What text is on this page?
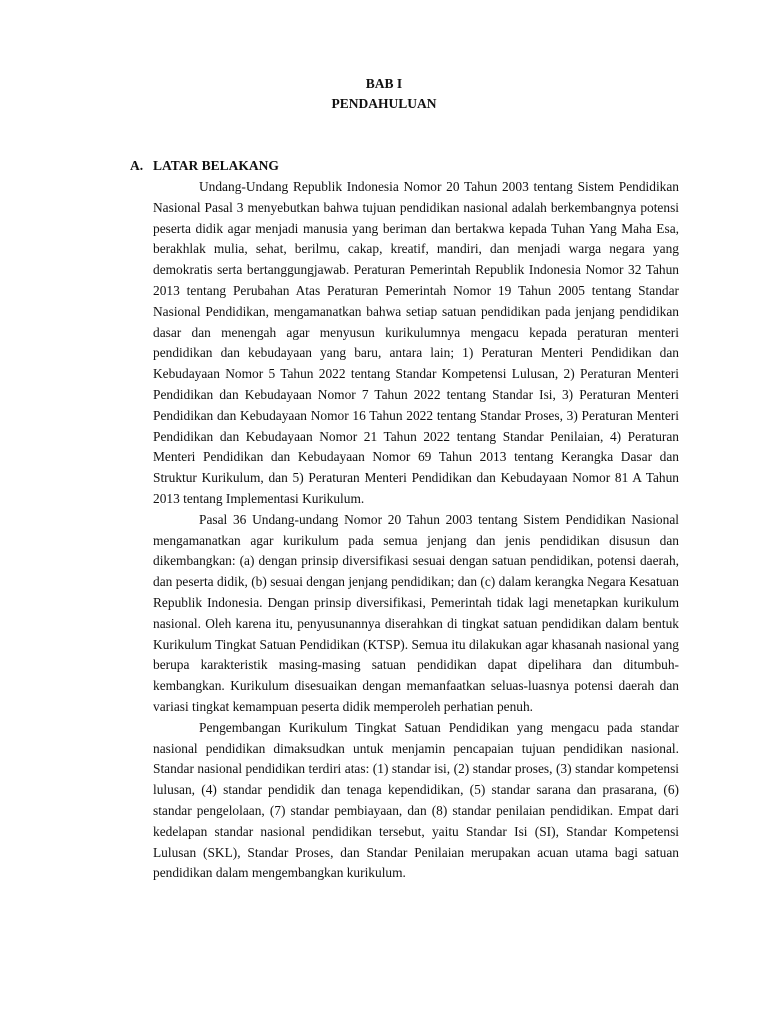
BAB I
PENDAHULUAN
A. LATAR BELAKANG

Undang-Undang Republik Indonesia Nomor 20 Tahun 2003 tentang Sistem Pendidikan Nasional Pasal 3 menyebutkan bahwa tujuan pendidikan nasional adalah berkembangnya potensi peserta didik agar menjadi manusia yang beriman dan bertakwa kepada Tuhan Yang Maha Esa, berakhlak mulia, sehat, berilmu, cakap, kreatif, mandiri, dan menjadi warga negara yang demokratis serta bertanggungjawab. Peraturan Pemerintah Republik Indonesia Nomor 32 Tahun 2013 tentang Perubahan Atas Peraturan Pemerintah Nomor 19 Tahun 2005 tentang Standar Nasional Pendidikan, mengamanatkan bahwa setiap satuan pendidikan pada jenjang pendidikan dasar dan menengah agar menyusun kurikulumnya mengacu kepada peraturan menteri pendidikan dan kebudayaan yang baru, antara lain; 1) Peraturan Menteri Pendidikan dan Kebudayaan Nomor 5 Tahun 2022 tentang Standar Kompetensi Lulusan, 2) Peraturan Menteri Pendidikan dan Kebudayaan Nomor 7 Tahun 2022 tentang Standar Isi, 3) Peraturan Menteri Pendidikan dan Kebudayaan Nomor 16 Tahun 2022 tentang Standar Proses, 3) Peraturan Menteri Pendidikan dan Kebudayaan Nomor 21 Tahun 2022 tentang Standar Penilaian, 4) Peraturan Menteri Pendidikan dan Kebudayaan Nomor 69 Tahun 2013 tentang Kerangka Dasar dan Struktur Kurikulum, dan 5) Peraturan Menteri Pendidikan dan Kebudayaan Nomor 81 A Tahun 2013 tentang Implementasi Kurikulum.

Pasal 36 Undang-undang Nomor 20 Tahun 2003 tentang Sistem Pendidikan Nasional mengamanatkan agar kurikulum pada semua jenjang dan jenis pendidikan disusun dan dikembangkan: (a) dengan prinsip diversifikasi sesuai dengan satuan pendidikan, potensi daerah, dan peserta didik, (b) sesuai dengan jenjang pendidikan; dan (c) dalam kerangka Negara Kesatuan Republik Indonesia. Dengan prinsip diversifikasi, Pemerintah tidak lagi menetapkan kurikulum nasional. Oleh karena itu, penyusunannya diserahkan di tingkat satuan pendidikan dalam bentuk Kurikulum Tingkat Satuan Pendidikan (KTSP). Semua itu dilakukan agar khasanah nasional yang berupa karakteristik masing-masing satuan pendidikan dapat dipelihara dan ditumbuh-kembangkan. Kurikulum disesuaikan dengan memanfaatkan seluas-luasnya potensi daerah dan variasi tingkat kemampuan peserta didik memperoleh perhatian penuh.

Pengembangan Kurikulum Tingkat Satuan Pendidikan yang mengacu pada standar nasional pendidikan dimaksudkan untuk menjamin pencapaian tujuan pendidikan nasional. Standar nasional pendidikan terdiri atas: (1) standar isi, (2) standar proses, (3) standar kompetensi lulusan, (4) standar pendidik dan tenaga kependidikan, (5) standar sarana dan prasarana, (6) standar pengelolaan, (7) standar pembiayaan, dan (8) standar penilaian pendidikan. Empat dari kedelapan standar nasional pendidikan tersebut, yaitu Standar Isi (SI), Standar Kompetensi Lulusan (SKL), Standar Proses, dan Standar Penilaian merupakan acuan utama bagi satuan pendidikan dalam mengembangkan kurikulum.
